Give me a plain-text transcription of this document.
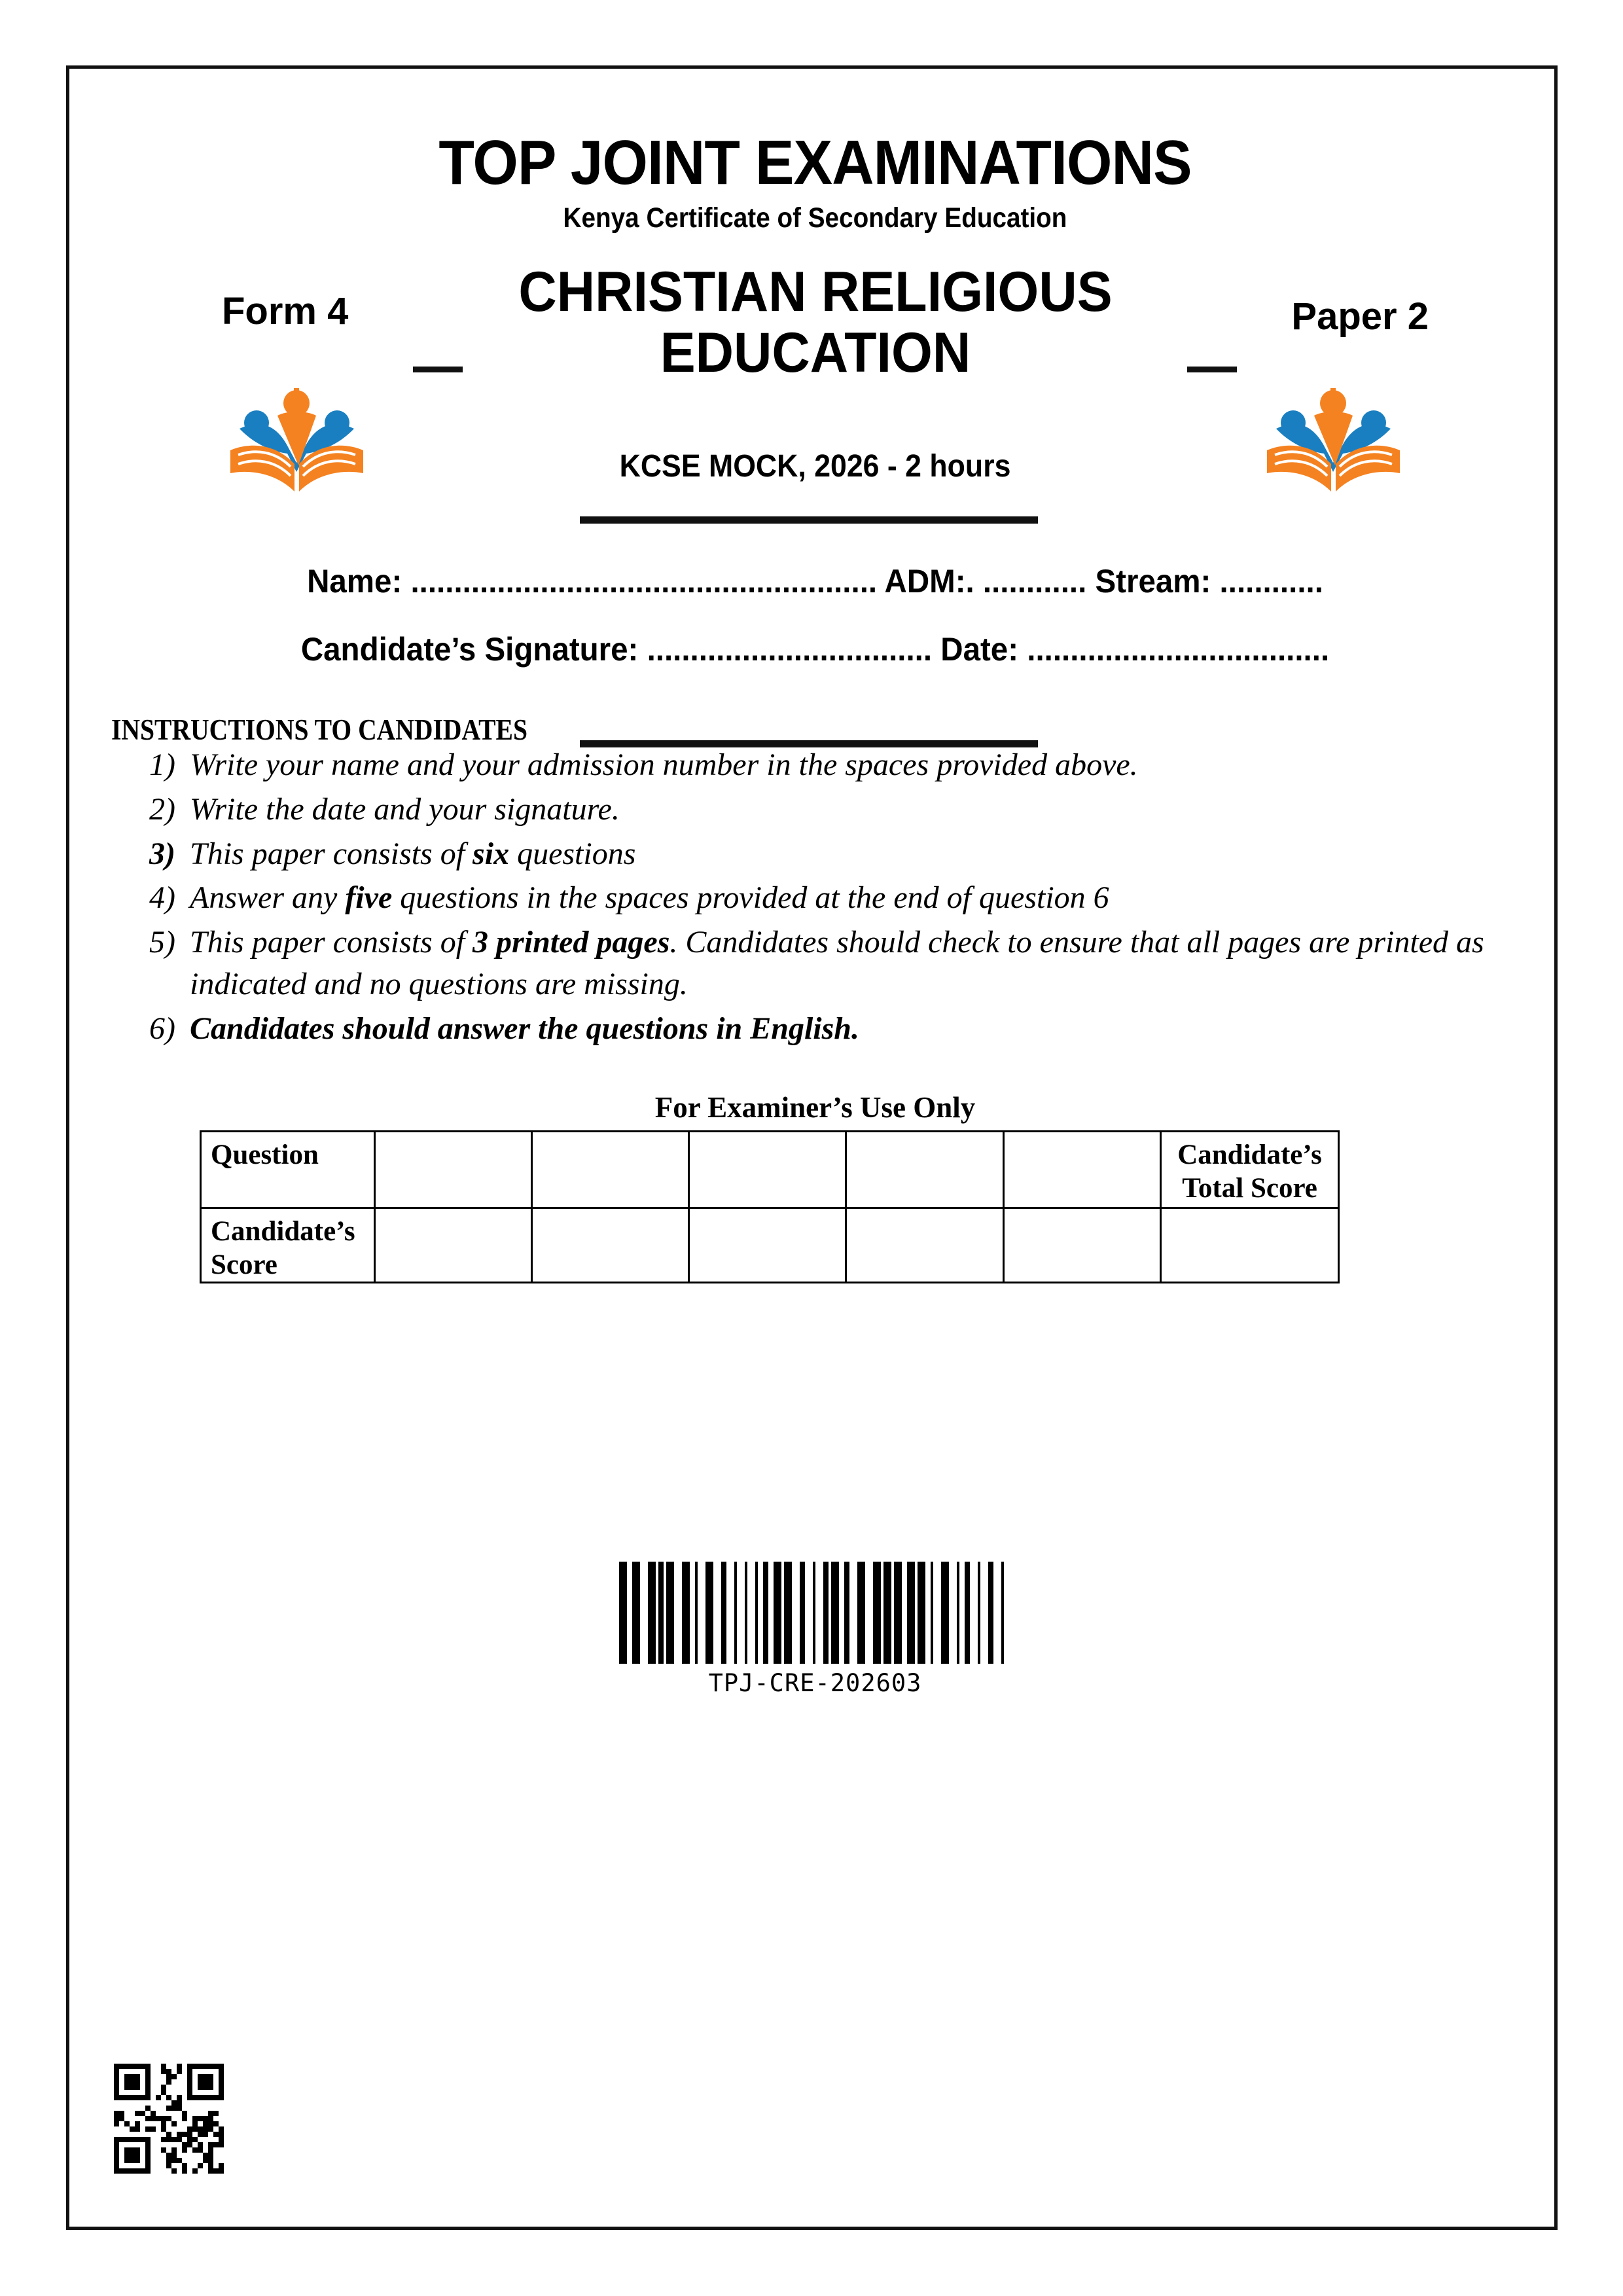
TOP JOINT EXAMINATIONS
Kenya Certificate of Secondary Education
CHRISTIAN RELIGIOUS EDUCATION
Form 4	Paper 2
KCSE MOCK, 2026 - 2 hours
Name: ...................................................... ADM:. ............ Stream: ............
Candidate’s Signature: ................................. Date: ...................................
INSTRUCTIONS TO CANDIDATES
1) Write your name and your admission number in the spaces provided above.
2) Write the date and your signature.
3) This paper consists of six questions
4) Answer any five questions in the spaces provided at the end of question 6
5) This paper consists of 3 printed pages. Candidates should check to ensure that all pages are printed as indicated and no questions are missing.
6) Candidates should answer the questions in English.
For Examiner’s Use Only
Question						Candidate’s Total Score
Candidate’s Score						
TPJ-CRE-202603
